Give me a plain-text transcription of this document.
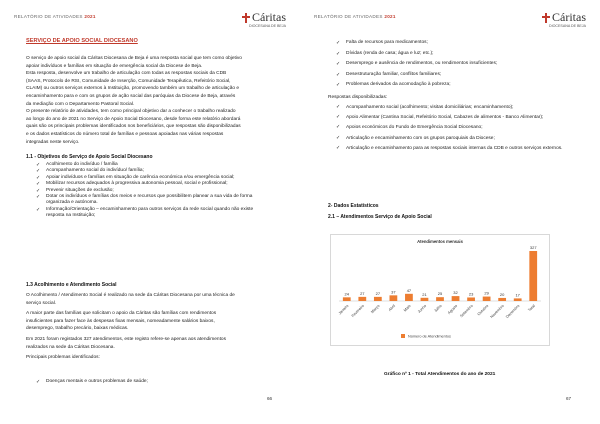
RELATÓRIO DE ATIVIDADES 2021	Cáritas
DIOCESANA DE BEJA
SERVIÇO DE APOIO SOCIAL DIOCESANO
O serviço de apoio social da Cáritas Diocesana de Beja é uma resposta social que tem como objetivo
apoiar indivíduos e famílias em situação de emergência social da Diocese de Beja.
Esta resposta, desenvolve um trabalho de articulação com todas as respostas sociais da CDB
(SAAS, Protocolo de RSI, Comunidade de Inserção, Comunidade Terapêutica, Refeitório Social,
CLAIM) ou outros serviços externos à Instituição, promovendo também um trabalho de articulação e
encaminhamento para e com os grupos de ação social das paróquias da Diocese de Beja, através
da mediação com o Departamento Pastoral Social.
O presente relatório de atividades, tem como principal objetivo dar a conhecer o trabalho realizado
ao longo do ano de 2021 no Serviço de Apoio Social Diocesano, desde forma este relatório abordará
quais são os principais problemas identificados nos beneficiários, que respostas são disponibilizadas
e os dados estatísticos do número total de famílias e pessoas apoiadas nas várias respostas
integradas neste serviço.
1.1 - Objetivos do Serviço de Apoio Social Diocesano
✓ Acolhimento do indivíduo / família
✓ Acompanhamento social do indivíduo/ família;
✓ Apoiar indivíduos e famílias em situação de carência económica e/ou emergência social;
✓ Mobilizar recursos adequados à progressiva autonomia pessoal, social e profissional;
✓ Prevenir situações de exclusão;
✓ Dotar os indivíduos e famílias dos meios e recursos que possibilitem planear a sua vida de forma organizada e autónoma.
✓ Informação/Orientação – encaminhamento para outros serviços da rede social quando não existe resposta na Instituição;
1.3 Acolhimento e Atendimento Social
O Acolhimento / Atendimento Social é realizado na sede da Cáritas Diocesana por uma técnica de
serviço social.
A maior parte das famílias que solicitam o apoio da Cáritas são famílias com rendimentos
insuficientes para fazer face às despesas fixas mensais, nomeadamente salários baixos,
desemprego, trabalho precário, baixas médicas.
Em 2021 foram registados 327 atendimentos, este registo refere-se apenas aos atendimentos
realizados na sede da Cáritas Diocesana.
Principais problemas identificados:
✓ Doenças mentais e outros problemas de saúde;
66
RELATÓRIO DE ATIVIDADES 2021	Cáritas
DIOCESANA DE BEJA
✓ Falta de recursos para medicamentos;
✓ Dívidas (renda de casa; água e luz; etc.);
✓ Desemprego e ausência de rendimentos, ou rendimentos insuficientes;
✓ Desestruturação familiar, conflitos familiares;
✓ Problemas derivados da acomodação à pobreza;
Respostas disponibilizadas:
✓ Acompanhamento social (acolhimento; visitas domiciliárias; encaminhamento);
✓ Apoio Alimentar (Cantina Social, Refeitório Social, Cabazes de alimentos - Banco Alimentar);
✓ Apoios económicos do Fundo de Emergência Social Diocesano;
✓ Articulação e encaminhamento com os grupos paroquiais da Diocese;
✓ Articulação e encaminhamento para as respostas sociais internas da CDB e outros serviços externos.
2- Dados Estatísticos
2.1 – Atendimentos Serviço de Apoio Social
Gráfico nº 1 - Total Atendimentos do ano de 2021
67
Atendimentos mensais
24
Janeiro
27
Fevereiro
27
Março
37
Abril
47
Maio
21
Junho
25
Julho
32
Agosto
23
Setembro
29
Outubro
20
Novembro
17
Dezembro
327
Total
Número de Atendimentos
